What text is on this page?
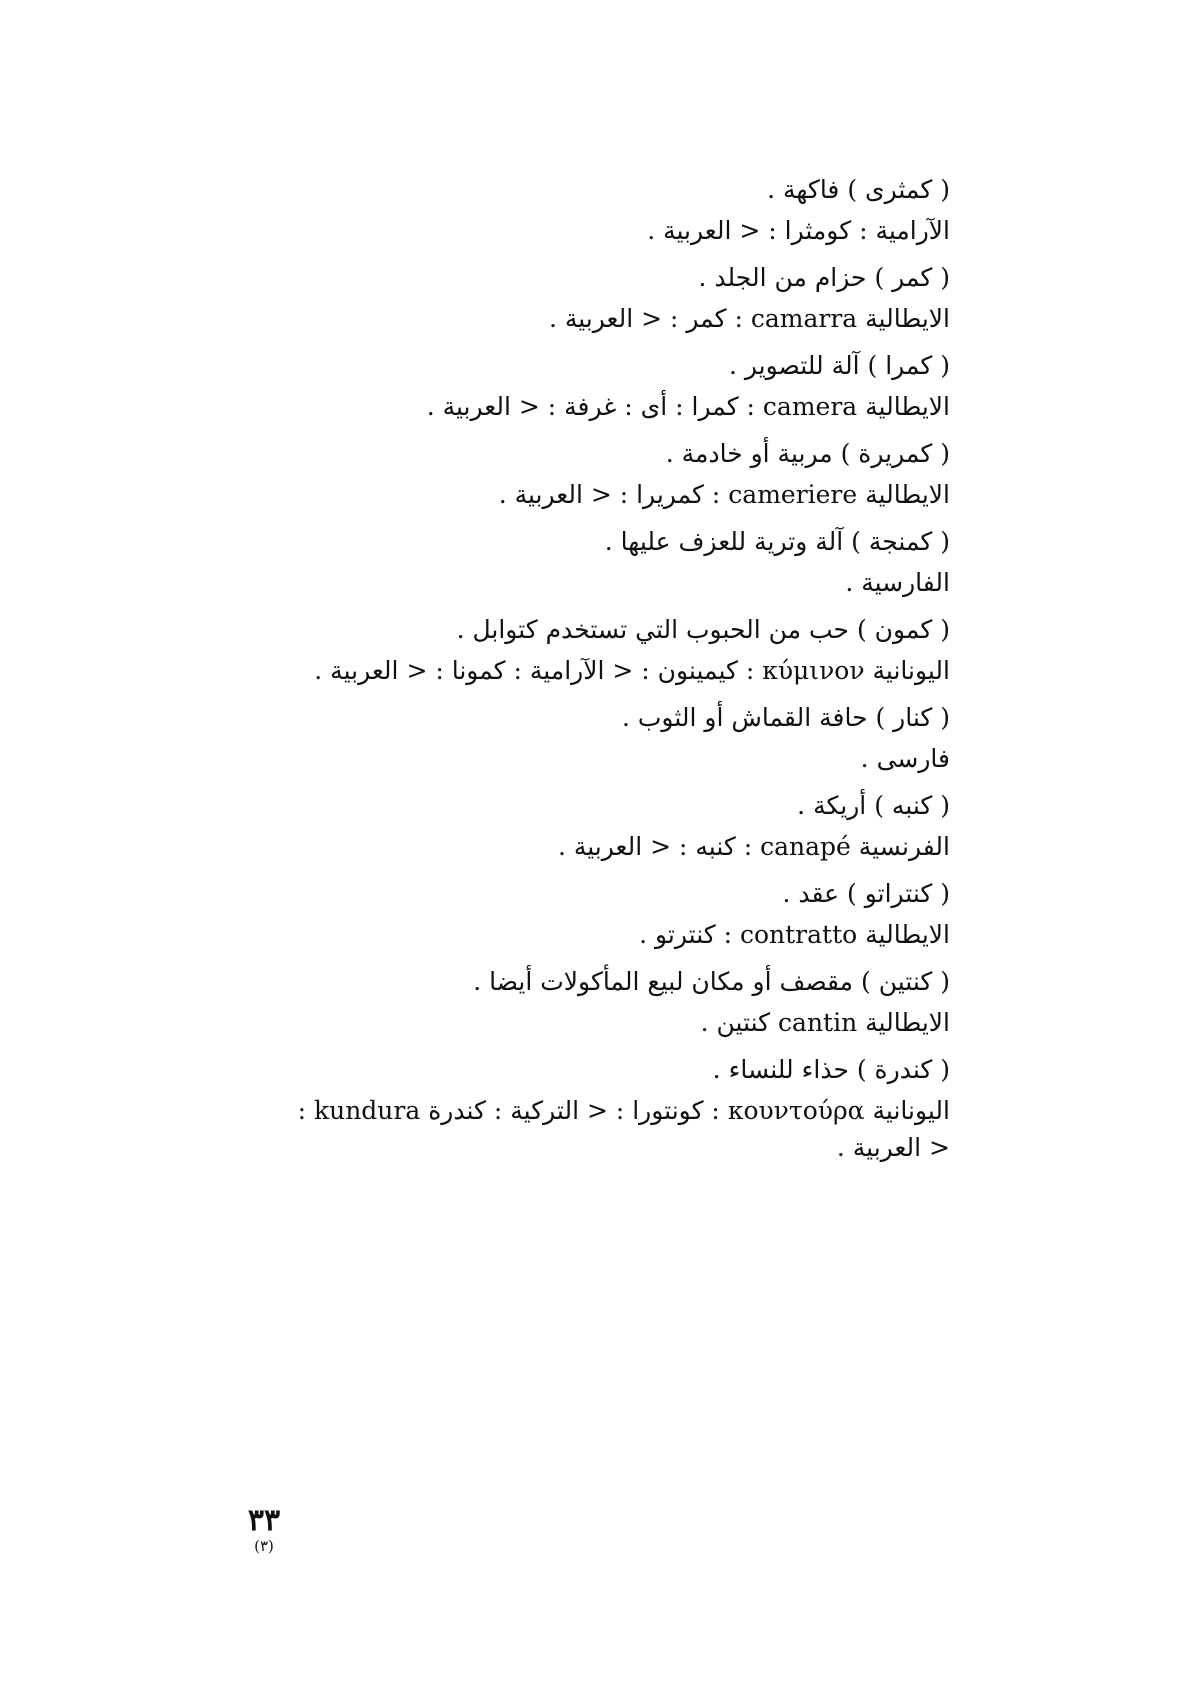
( كمثرى ) فاكهة .

الآرامية : كومثرا : < العربية .

( كمر ) حزام من الجلد .

الايطالية camarra : كمر : < العربية .

( كمرا ) آلة للتصوير .

الايطالية camera : كمرا : أى : غرفة : < العربية .

( كمريرة ) مربية أو خادمة .

الايطالية cameriere : كمريرا : < العربية .

( كمنجة ) آلة وترية للعزف عليها .

الفارسية .

( كمون ) حب من الحبوب التي تستخدم كتوابل .

اليونانية κύμινον : كيمينون : < الآرامية : كمونا : < العربية .

( كنار ) حافة القماش أو الثوب .

فارسى .

( كنبه ) أريكة .

الفرنسية canapé : كنبه : < العربية .

( كنتراتو ) عقد .

الايطالية contratto : كنترتو .

( كنتين ) مقصف أو مكان لبيع المأكولات أيضا .

الايطالية cantin كنتين .

( كندرة ) حذاء للنساء .

اليونانية κουντούρα : كونتورا : < التركية : كندرة kundura :

< العربية .

٣٣
(٣)
